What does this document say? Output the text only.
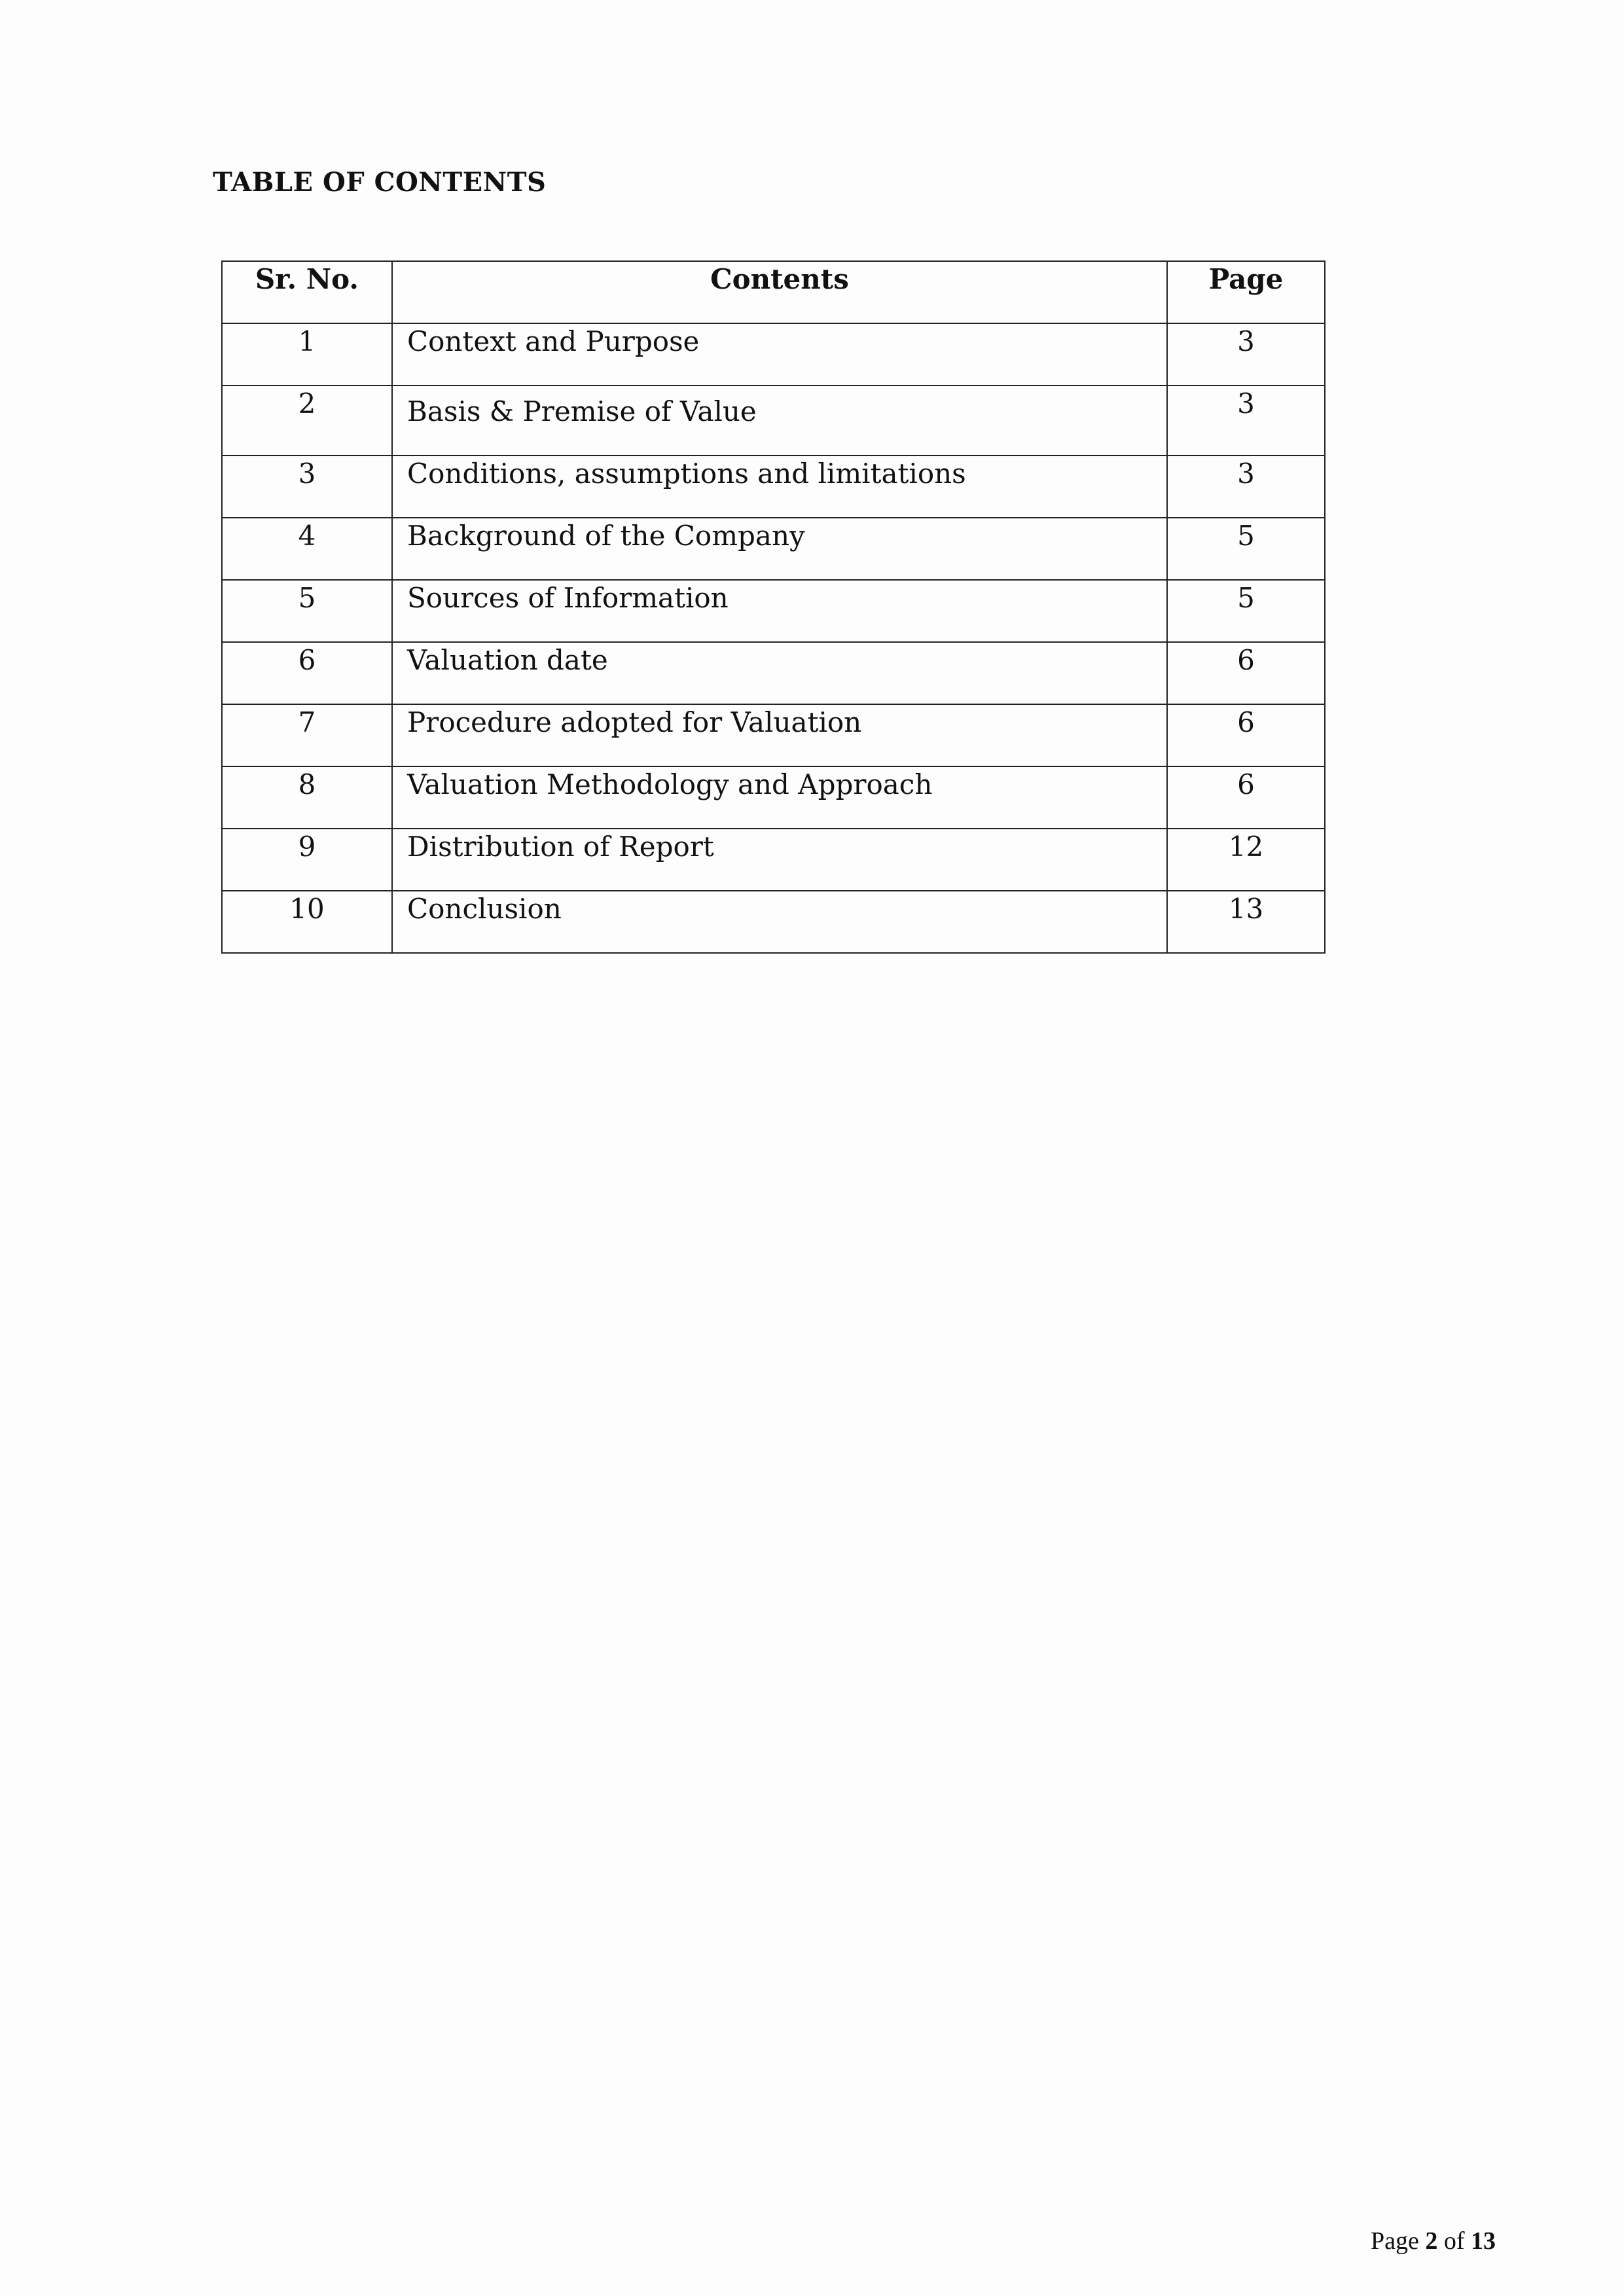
TABLE OF CONTENTS
Sr. No.	Contents	Page
1	Context and Purpose	3
2	Basis & Premise of Value	3
3	Conditions, assumptions and limitations	3
4	Background of the Company	5
5	Sources of Information	5
6	Valuation date	6
7	Procedure adopted for Valuation	6
8	Valuation Methodology and Approach	6
9	Distribution of Report	12
10	Conclusion	13
Page 2 of 13
